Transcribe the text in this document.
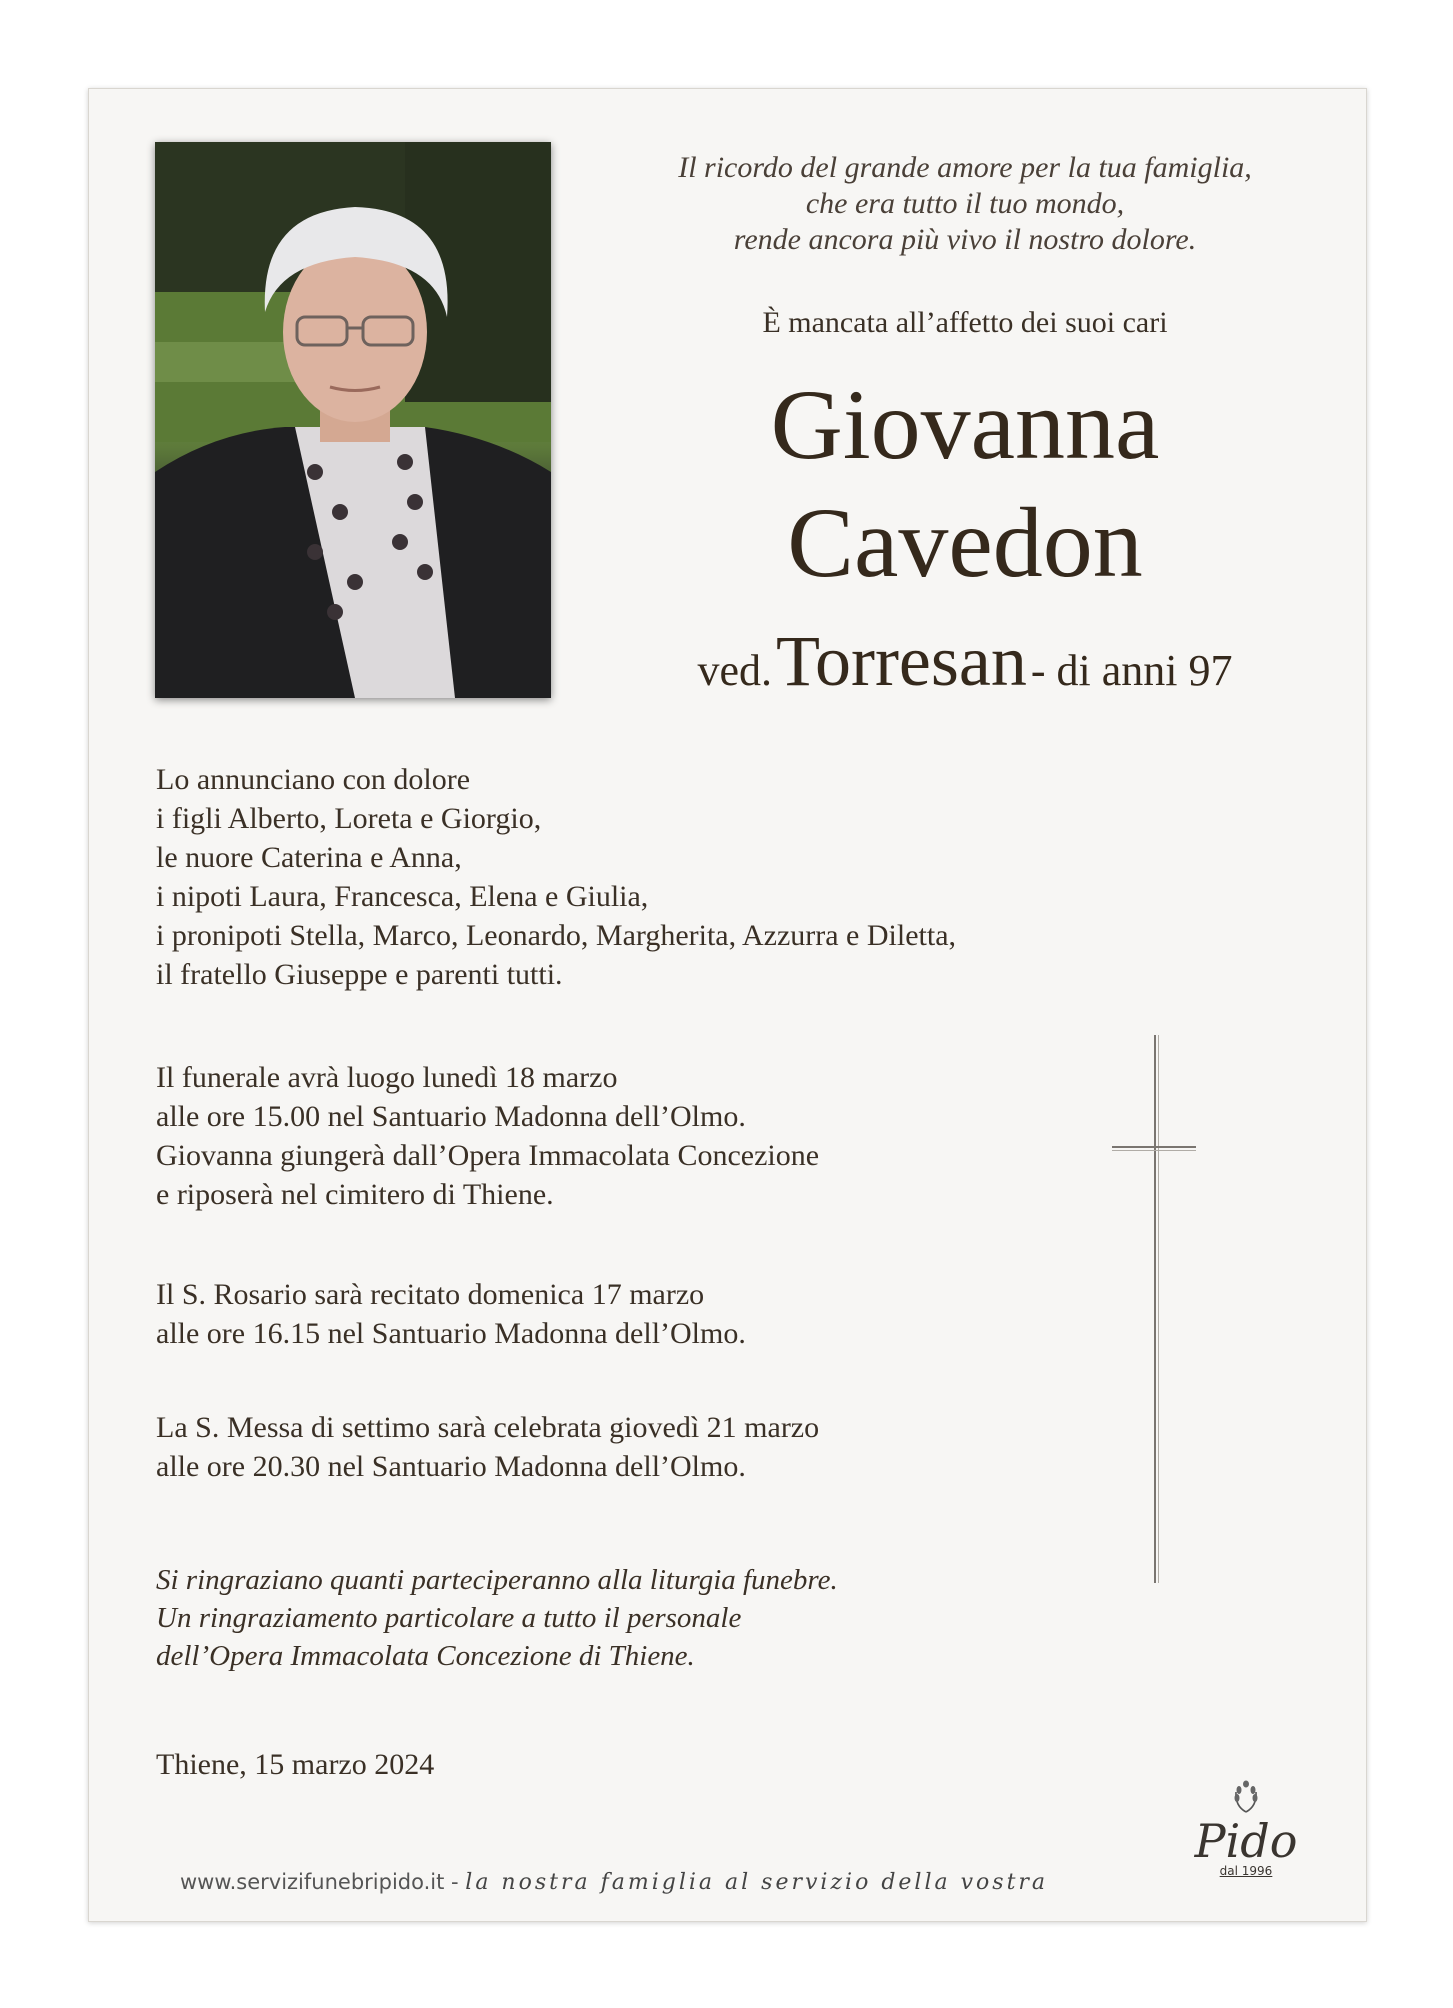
Il ricordo del grande amore per la tua famiglia,
che era tutto il tuo mondo,
rende ancora più vivo il nostro dolore.
È mancata all’affetto dei suoi cari
Giovanna
Cavedon
ved. Torresan - di anni 97
Lo annunciano con dolore
i figli Alberto, Loreta e Giorgio,
le nuore Caterina e Anna,
i nipoti Laura, Francesca, Elena e Giulia,
i pronipoti Stella, Marco, Leonardo, Margherita, Azzurra e Diletta,
il fratello Giuseppe e parenti tutti.
Il funerale avrà luogo lunedì 18 marzo
alle ore 15.00 nel Santuario Madonna dell’Olmo.
Giovanna giungerà dall’Opera Immacolata Concezione
e riposerà nel cimitero di Thiene.
Il S. Rosario sarà recitato domenica 17 marzo
alle ore 16.15 nel Santuario Madonna dell’Olmo.
La S. Messa di settimo sarà celebrata giovedì 21 marzo
alle ore 20.30 nel Santuario Madonna dell’Olmo.
Si ringraziano quanti parteciperanno alla liturgia funebre.
Un ringraziamento particolare a tutto il personale
dell’Opera Immacolata Concezione di Thiene.
Thiene, 15 marzo 2024
www.servizifunebripido.it - la nostra famiglia al servizio della vostra
Pido
dal 1996
